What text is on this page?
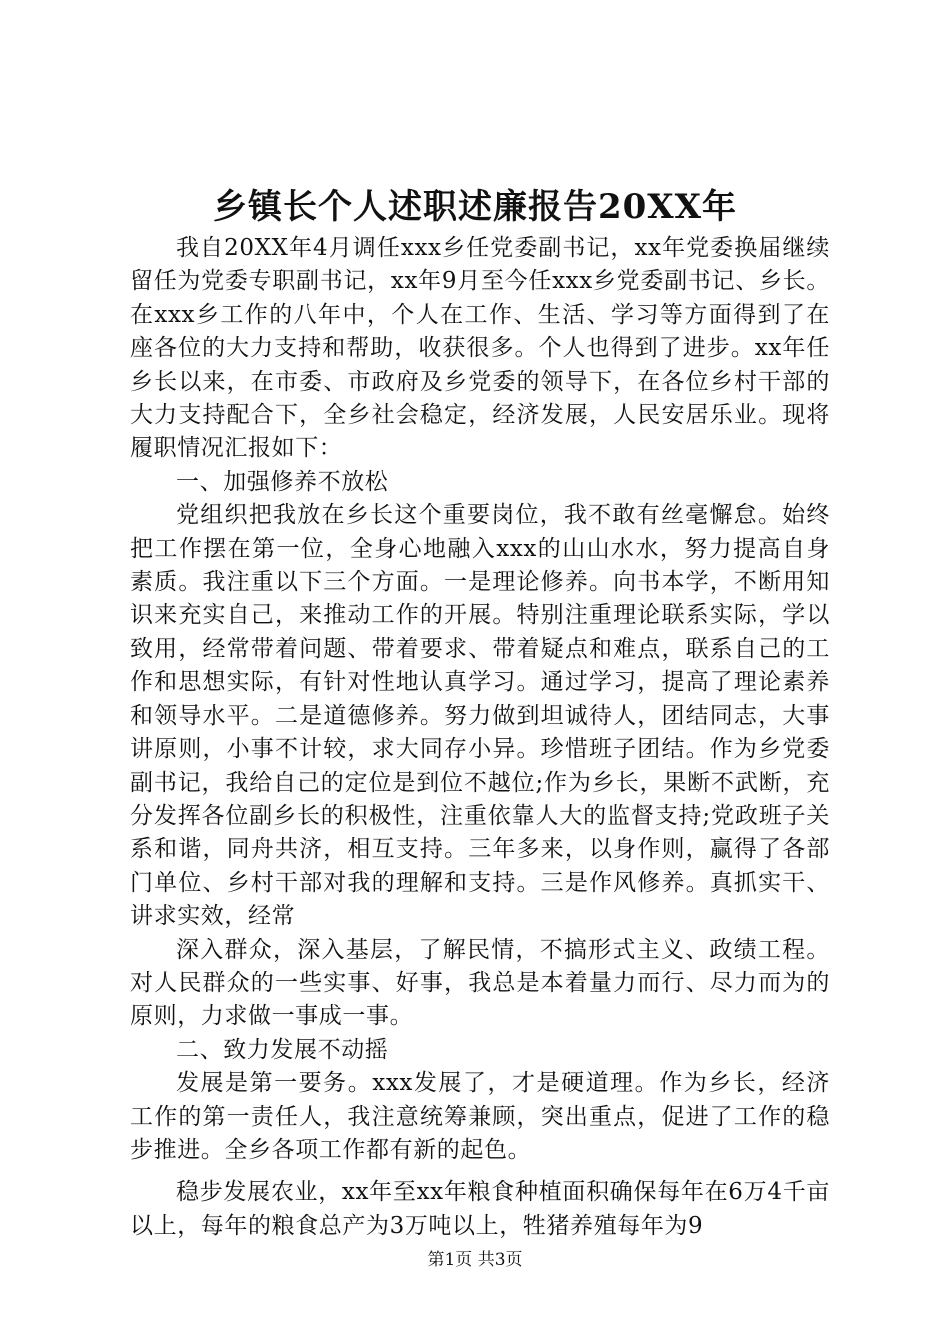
乡镇长个人述职述廉报告20XX年

我自20XX年4月调任xxx乡任党委副书记，xx年党委换届继续留任为党委专职副书记，xx年9月至今任xxx乡党委副书记、乡长。在xxx乡工作的八年中，个人在工作、生活、学习等方面得到了在座各位的大力支持和帮助，收获很多。个人也得到了进步。xx年任乡长以来，在市委、市政府及乡党委的领导下，在各位乡村干部的大力支持配合下，全乡社会稳定，经济发展，人民安居乐业。现将履职情况汇报如下：

一、加强修养不放松

党组织把我放在乡长这个重要岗位，我不敢有丝毫懈怠。始终把工作摆在第一位，全身心地融入xxx的山山水水，努力提高自身素质。我注重以下三个方面。一是理论修养。向书本学，不断用知识来充实自己，来推动工作的开展。特别注重理论联系实际，学以致用，经常带着问题、带着要求、带着疑点和难点，联系自己的工作和思想实际，有针对性地认真学习。通过学习，提高了理论素养和领导水平。二是道德修养。努力做到坦诚待人，团结同志，大事讲原则，小事不计较，求大同存小异。珍惜班子团结。作为乡党委副书记，我给自己的定位是到位不越位;作为乡长，果断不武断，充分发挥各位副乡长的积极性，注重依靠人大的监督支持;党政班子关系和谐，同舟共济，相互支持。三年多来，以身作则，赢得了各部门单位、乡村干部对我的理解和支持。三是作风修养。真抓实干、讲求实效，经常

深入群众，深入基层，了解民情，不搞形式主义、政绩工程。对人民群众的一些实事、好事，我总是本着量力而行、尽力而为的原则，力求做一事成一事。

二、致力发展不动摇

发展是第一要务。xxx发展了，才是硬道理。作为乡长，经济工作的第一责任人，我注意统筹兼顾，突出重点，促进了工作的稳步推进。全乡各项工作都有新的起色。

稳步发展农业，xx年至xx年粮食种植面积确保每年在6万4千亩以上，每年的粮食总产为3万吨以上，牲猪养殖每年为9

第1页 共3页
